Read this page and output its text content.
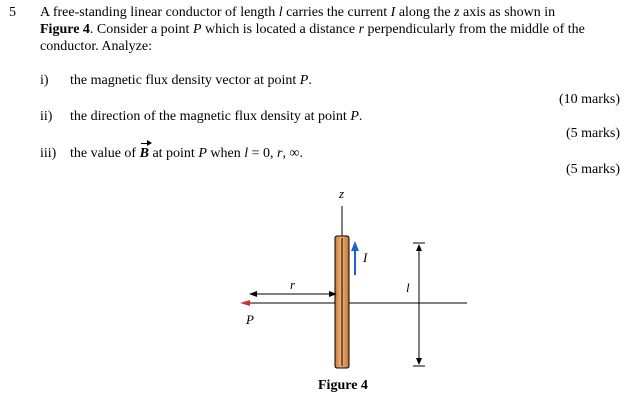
5 A free-standing linear conductor of length l carries the current I along the z axis as shown in
Figure 4. Consider a point P which is located a distance r perpendicularly from the middle of the
conductor. Analyze:
i) the magnetic flux density vector at point P.
(10 marks)
ii) the direction of the magnetic flux density at point P.
(5 marks)
iii) the value of B at point P when l = 0, r, ∞.
(5 marks)
z
I
r
P
l
Figure 4
